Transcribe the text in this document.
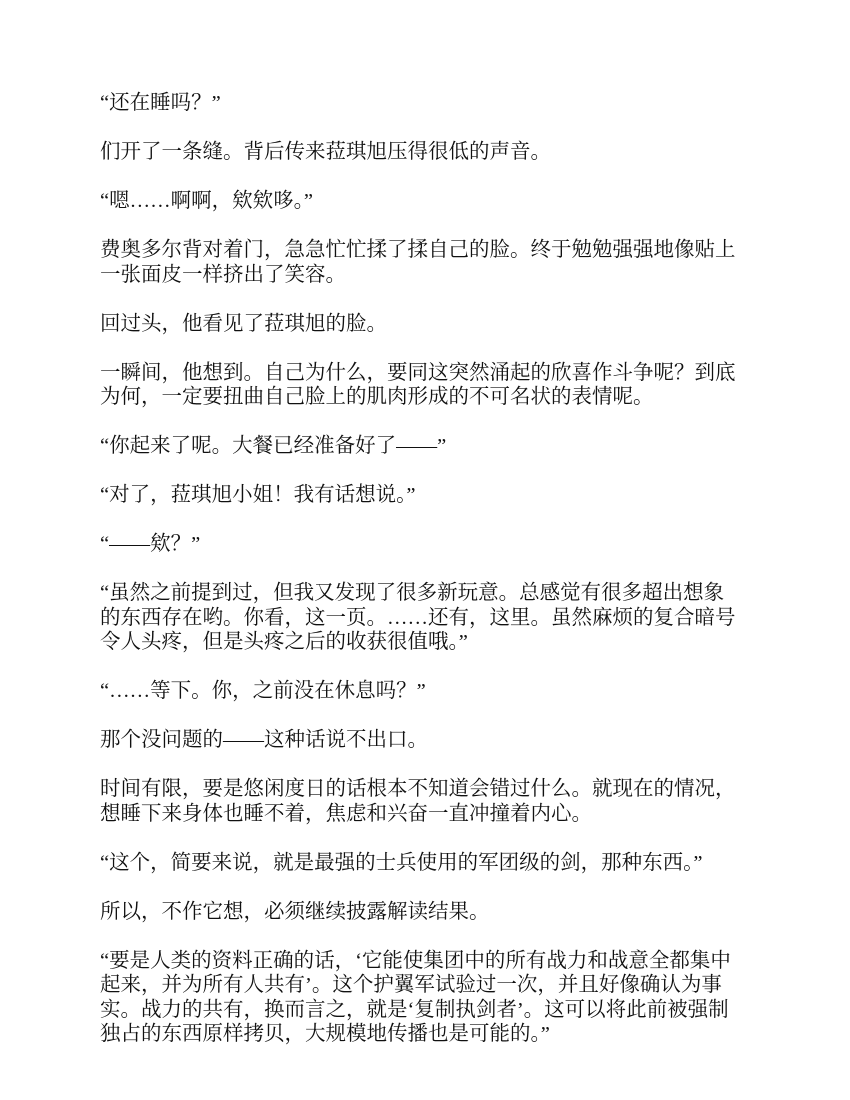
“还在睡吗？”

们开了一条缝。背后传来菈琪旭压得很低的声音。

“嗯……啊啊，欸欸哆。”

费奥多尔背对着门，急急忙忙揉了揉自己的脸。终于勉勉强强地像贴上
一张面皮一样挤出了笑容。

回过头，他看见了菈琪旭的脸。

一瞬间，他想到。自己为什么，要同这突然涌起的欣喜作斗争呢？到底
为何，一定要扭曲自己脸上的肌肉形成的不可名状的表情呢。

“你起来了呢。大餐已经准备好了——”

“对了，菈琪旭小姐！我有话想说。”

“——欸？”

“虽然之前提到过，但我又发现了很多新玩意。总感觉有很多超出想象
的东西存在哟。你看，这一页。……还有，这里。虽然麻烦的复合暗号
令人头疼，但是头疼之后的收获很值哦。”

“……等下。你，之前没在休息吗？”

那个没问题的——这种话说不出口。

时间有限，要是悠闲度日的话根本不知道会错过什么。就现在的情况，
想睡下来身体也睡不着，焦虑和兴奋一直冲撞着内心。

“这个，简要来说，就是最强的士兵使用的军团级的剑，那种东西。”

所以，不作它想，必须继续披露解读结果。

“要是人类的资料正确的话，‘它能使集团中的所有战力和战意全都集中
起来，并为所有人共有’。这个护翼军试验过一次，并且好像确认为事
实。战力的共有，换而言之，就是‘复制执剑者’。这可以将此前被强制
独占的东西原样拷贝，大规模地传播也是可能的。”
